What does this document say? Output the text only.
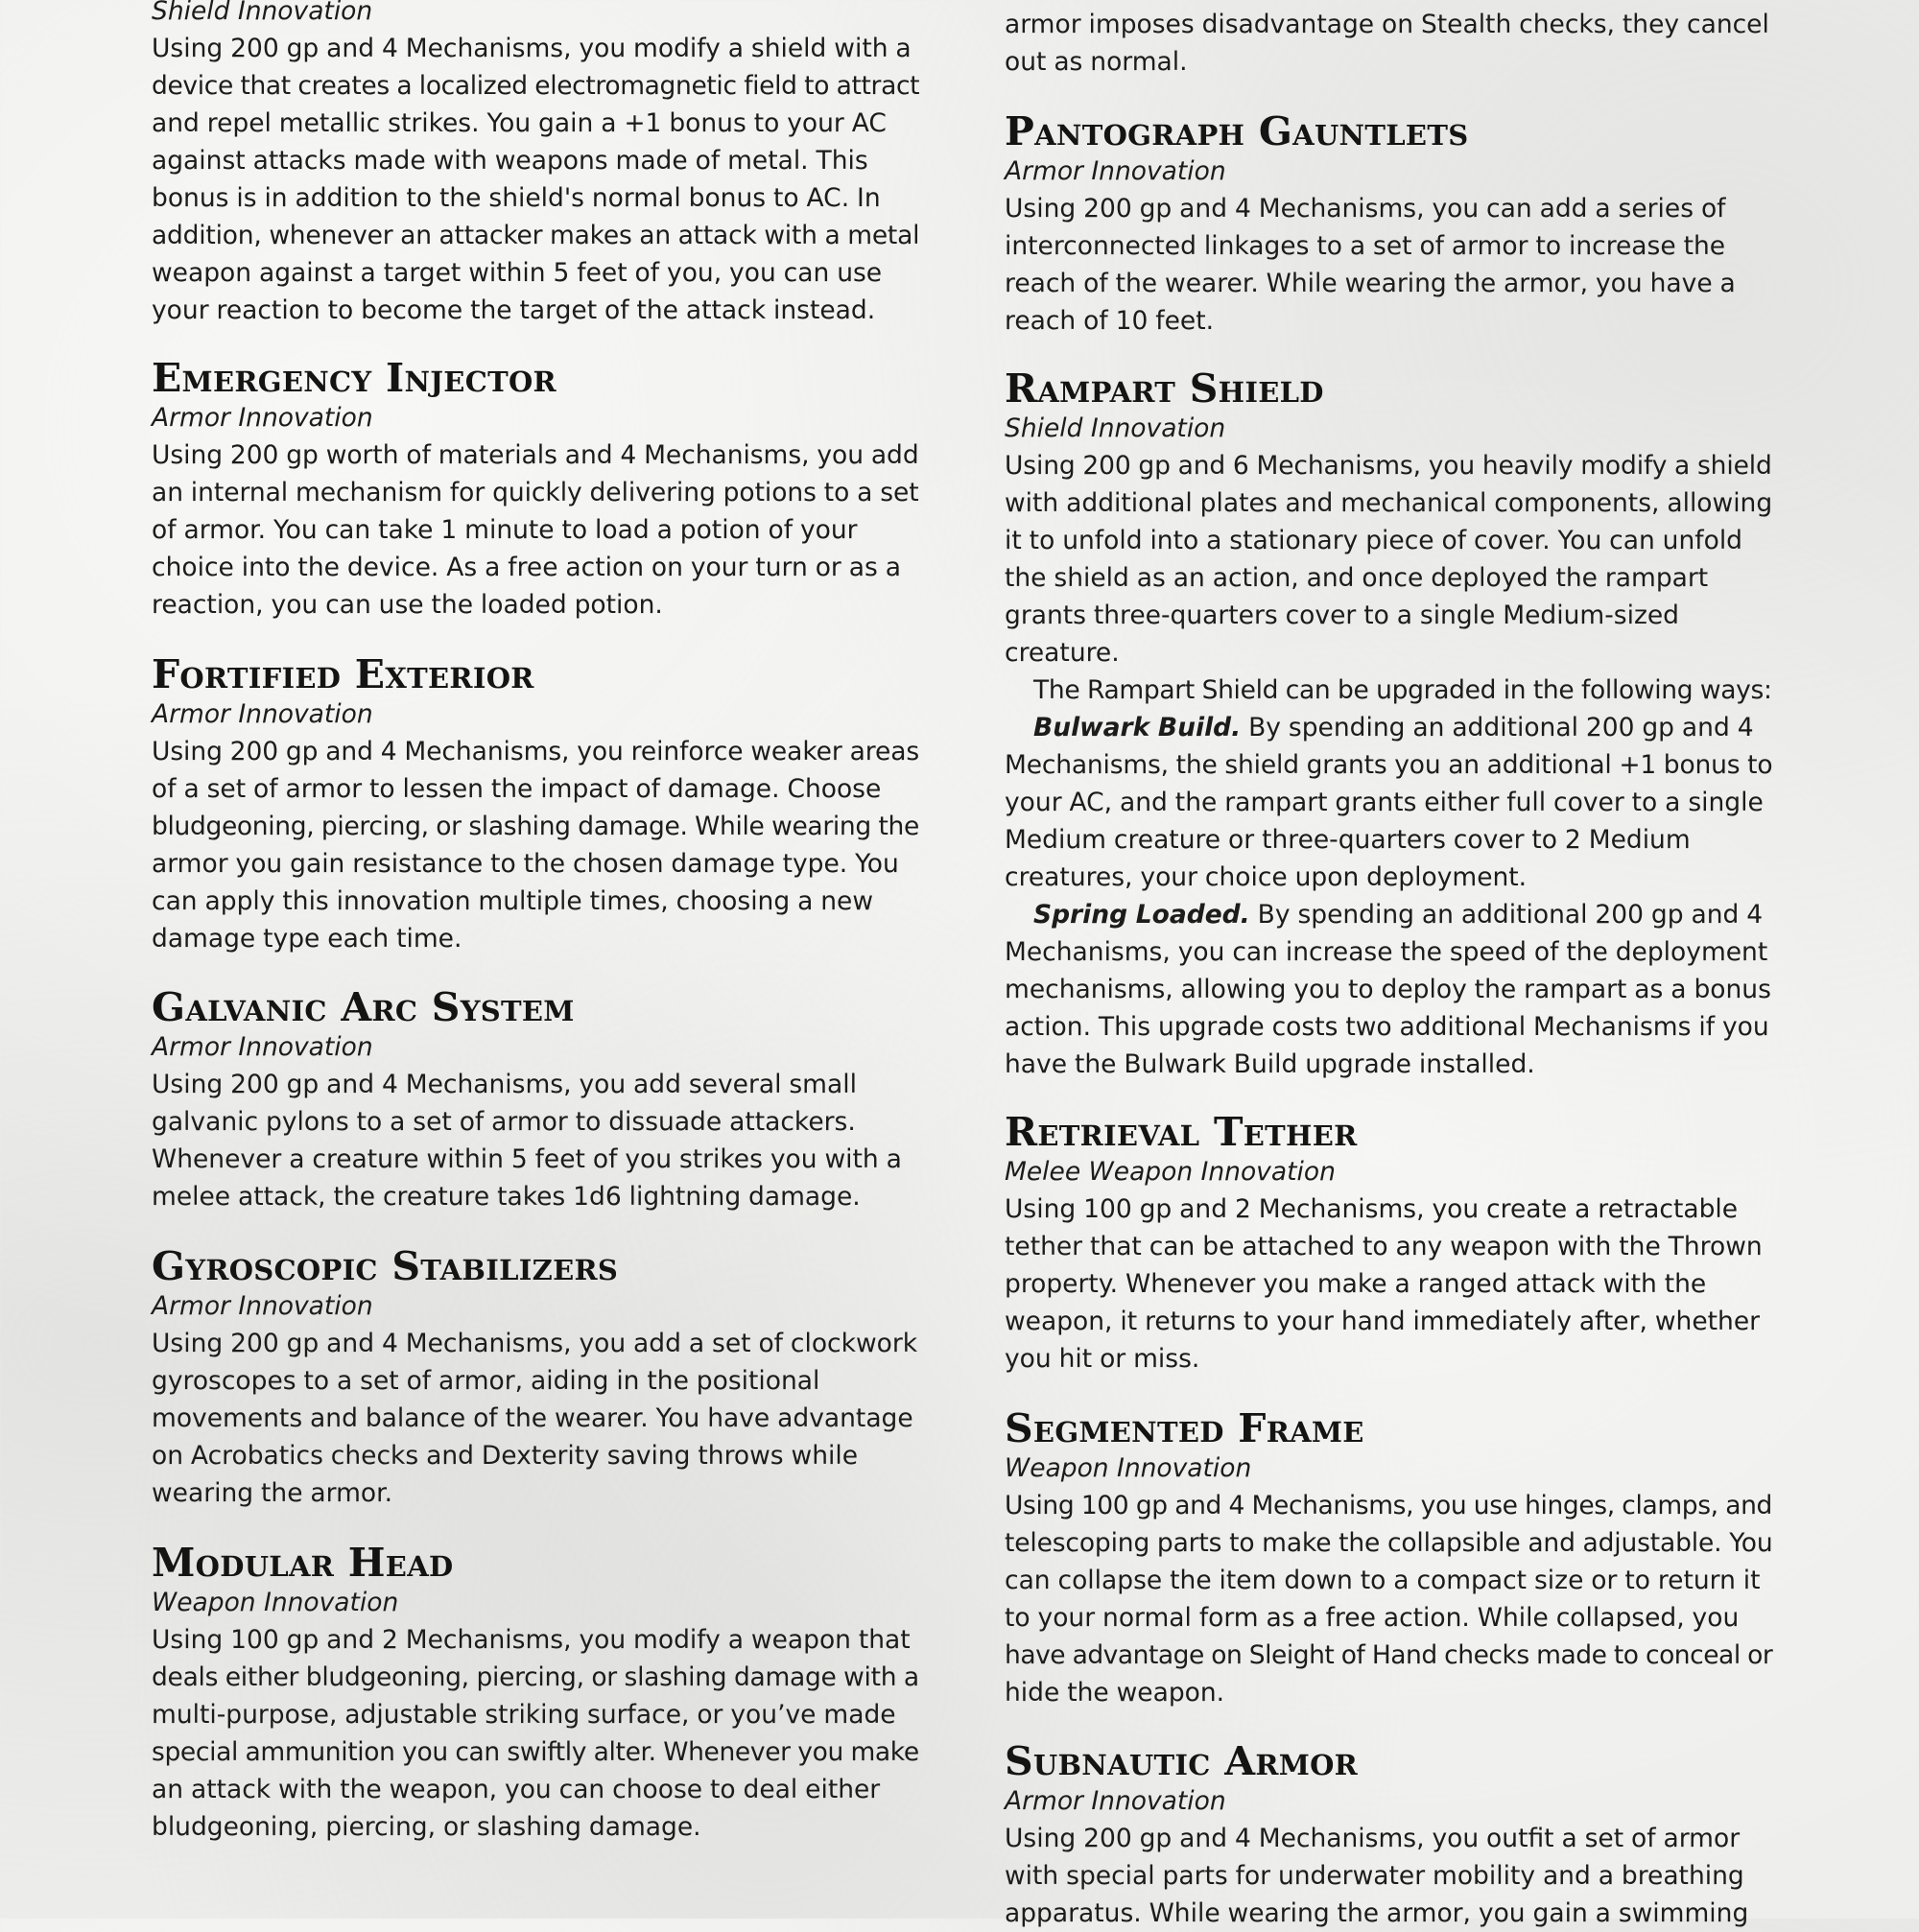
Shield Innovation

Using 200 gp and 4 Mechanisms, you modify a shield with a
device that creates a localized electromagnetic field to attract
and repel metallic strikes. You gain a +1 bonus to your AC
against attacks made with weapons made of metal. This
bonus is in addition to the shield's normal bonus to AC. In
addition, whenever an attacker makes an attack with a metal
weapon against a target within 5 feet of you, you can use
your reaction to become the target of the attack instead.
Emergency Injector

Armor Innovation

Using 200 gp worth of materials and 4 Mechanisms, you add
an internal mechanism for quickly delivering potions to a set
of armor. You can take 1 minute to load a potion of your
choice into the device. As a free action on your turn or as a
reaction, you can use the loaded potion.
Fortified Exterior

Armor Innovation

Using 200 gp and 4 Mechanisms, you reinforce weaker areas
of a set of armor to lessen the impact of damage. Choose
bludgeoning, piercing, or slashing damage. While wearing the
armor you gain resistance to the chosen damage type. You
can apply this innovation multiple times, choosing a new
damage type each time.
Galvanic Arc System

Armor Innovation

Using 200 gp and 4 Mechanisms, you add several small
galvanic pylons to a set of armor to dissuade attackers.
Whenever a creature within 5 feet of you strikes you with a
melee attack, the creature takes 1d6 lightning damage.
Gyroscopic Stabilizers

Armor Innovation

Using 200 gp and 4 Mechanisms, you add a set of clockwork
gyroscopes to a set of armor, aiding in the positional
movements and balance of the wearer. You have advantage
on Acrobatics checks and Dexterity saving throws while
wearing the armor.
Modular Head

Weapon Innovation

Using 100 gp and 2 Mechanisms, you modify a weapon that
deals either bludgeoning, piercing, or slashing damage with a
multi-purpose, adjustable striking surface, or you’ve made
special ammunition you can swiftly alter. Whenever you make
an attack with the weapon, you can choose to deal either
bludgeoning, piercing, or slashing damage.
armor imposes disadvantage on Stealth checks, they cancel
out as normal.
Pantograph Gauntlets

Armor Innovation

Using 200 gp and 4 Mechanisms, you can add a series of
interconnected linkages to a set of armor to increase the
reach of the wearer. While wearing the armor, you have a
reach of 10 feet.
Rampart Shield

Shield Innovation

Using 200 gp and 6 Mechanisms, you heavily modify a shield
with additional plates and mechanical components, allowing
it to unfold into a stationary piece of cover. You can unfold
the shield as an action, and once deployed the rampart
grants three-quarters cover to a single Medium-sized
creature.
The Rampart Shield can be upgraded in the following ways:
Bulwark Build. By spending an additional 200 gp and 4
Mechanisms, the shield grants you an additional +1 bonus to
your AC, and the rampart grants either full cover to a single
Medium creature or three-quarters cover to 2 Medium
creatures, your choice upon deployment.
Spring Loaded. By spending an additional 200 gp and 4
Mechanisms, you can increase the speed of the deployment
mechanisms, allowing you to deploy the rampart as a bonus
action. This upgrade costs two additional Mechanisms if you
have the Bulwark Build upgrade installed.
Retrieval Tether

Melee Weapon Innovation

Using 100 gp and 2 Mechanisms, you create a retractable
tether that can be attached to any weapon with the Thrown
property. Whenever you make a ranged attack with the
weapon, it returns to your hand immediately after, whether
you hit or miss.
Segmented Frame

Weapon Innovation

Using 100 gp and 4 Mechanisms, you use hinges, clamps, and
telescoping parts to make the collapsible and adjustable. You
can collapse the item down to a compact size or to return it
to your normal form as a free action. While collapsed, you
have advantage on Sleight of Hand checks made to conceal or
hide the weapon.
Subnautic Armor

Armor Innovation

Using 200 gp and 4 Mechanisms, you outfit a set of armor
with special parts for underwater mobility and a breathing
apparatus. While wearing the armor, you gain a swimming
